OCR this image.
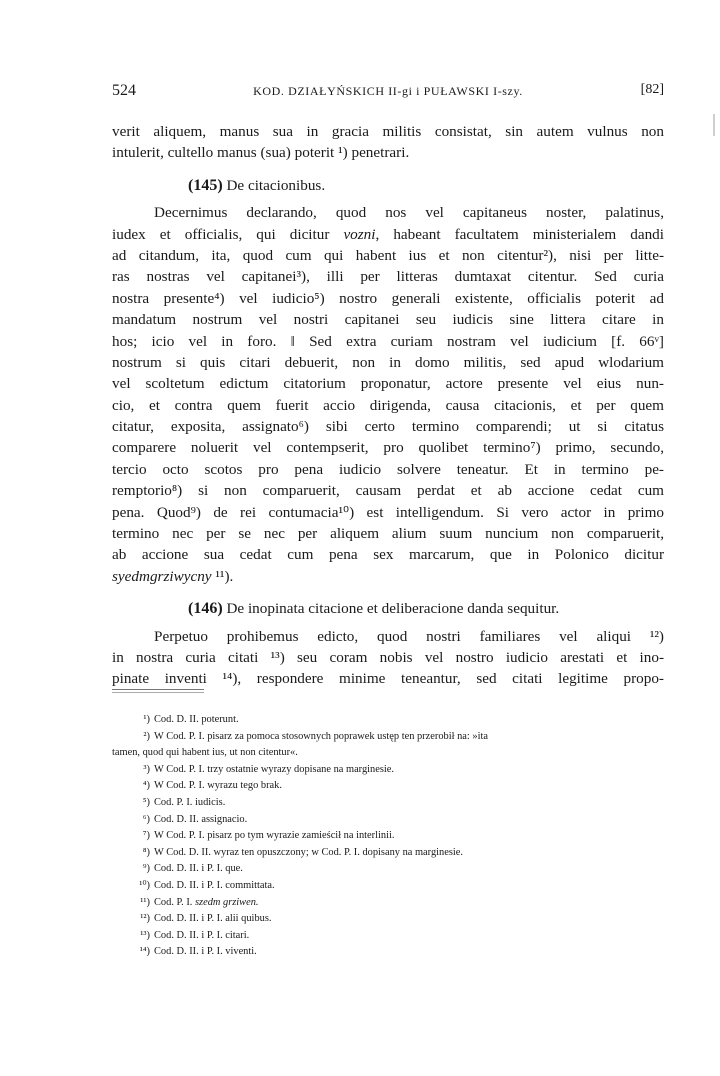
524	KOD. DZIAŁYŃSKICH II-gi i PUŁAWSKI I-szy.	[82]
verit aliquem, manus sua in gracia militis consistat, sin autem vulnus non
intulerit, cultello manus (sua) poterit ¹) penetrari.
(145) De citacionibus.
Decernimus declarando, quod nos vel capitaneus noster, palatinus,
iudex et officialis, qui dicitur vozni, habeant facultatem ministerialem dandi
ad citandum, ita, quod cum qui habent ius et non citentur²), nisi per litte-
ras nostras vel capitanei³), illi per litteras dumtaxat citentur. Sed curia
nostra presente⁴) vel iudicio⁵) nostro generali existente, officialis poterit ad
mandatum nostrum vel nostri capitanei seu iudicis sine littera citare in
hos; icio vel in foro. ‖ Sed extra curiam nostram vel iudicium [f. 66ᵛ]
nostrum si quis citari debuerit, non in domo militis, sed apud wlodarium
vel scoltetum edictum citatorium proponatur, actore presente vel eius nun-
cio, et contra quem fuerit accio dirigenda, causa citacionis, et per quem
citatur, exposita, assignato⁶) sibi certo termino comparendi; ut si citatus
comparere noluerit vel contempserit, pro quolibet termino⁷) primo, secundo,
tercio octo scotos pro pena iudicio solvere teneatur. Et in termino pe-
remptorio⁸) si non comparuerit, causam perdat et ab accione cedat cum
pena. Quod⁹) de rei contumacia¹⁰) est intelligendum. Si vero actor in primo
termino nec per se nec per aliquem alium suum nuncium non comparuerit,
ab accione sua cedat cum pena sex marcarum, que in Polonico dicitur
syedmgrziwycny ¹¹).
(146) De inopinata citacione et deliberacione danda sequitur.
Perpetuo prohibemus edicto, quod nostri familiares vel aliqui ¹²)
in nostra curia citati ¹³) seu coram nobis vel nostro iudicio arestati et ino-
pinate inventi ¹⁴), respondere minime teneantur, sed citati legitime propo-
¹) Cod. D. II. poterunt.
²) W Cod. P. I. pisarz za pomoca stosownych poprawek ustęp ten przerobił na: »ita
tamen, quod qui habent ius, ut non citentur«.
³) W Cod. P. I. trzy ostatnie wyrazy dopisane na marginesie.
⁴) W Cod. P. I. wyrazu tego brak.
⁵) Cod. P. I. iudicis.
⁶) Cod. D. II. assignacio.
⁷) W Cod. P. I. pisarz po tym wyrazie zamieścił na interlinii.
⁸) W Cod. D. II. wyraz ten opuszczony; w Cod. P. I. dopisany na marginesie.
⁹) Cod. D. II. i P. I. que.
¹⁰) Cod. D. II. i P. I. committata.
¹¹) Cod. P. I. szedm grziwen.
¹²) Cod. D. II. i P. I. alii quibus.
¹³) Cod. D. II. i P. I. citari.
¹⁴) Cod. D. II. i P. I. viventi.
